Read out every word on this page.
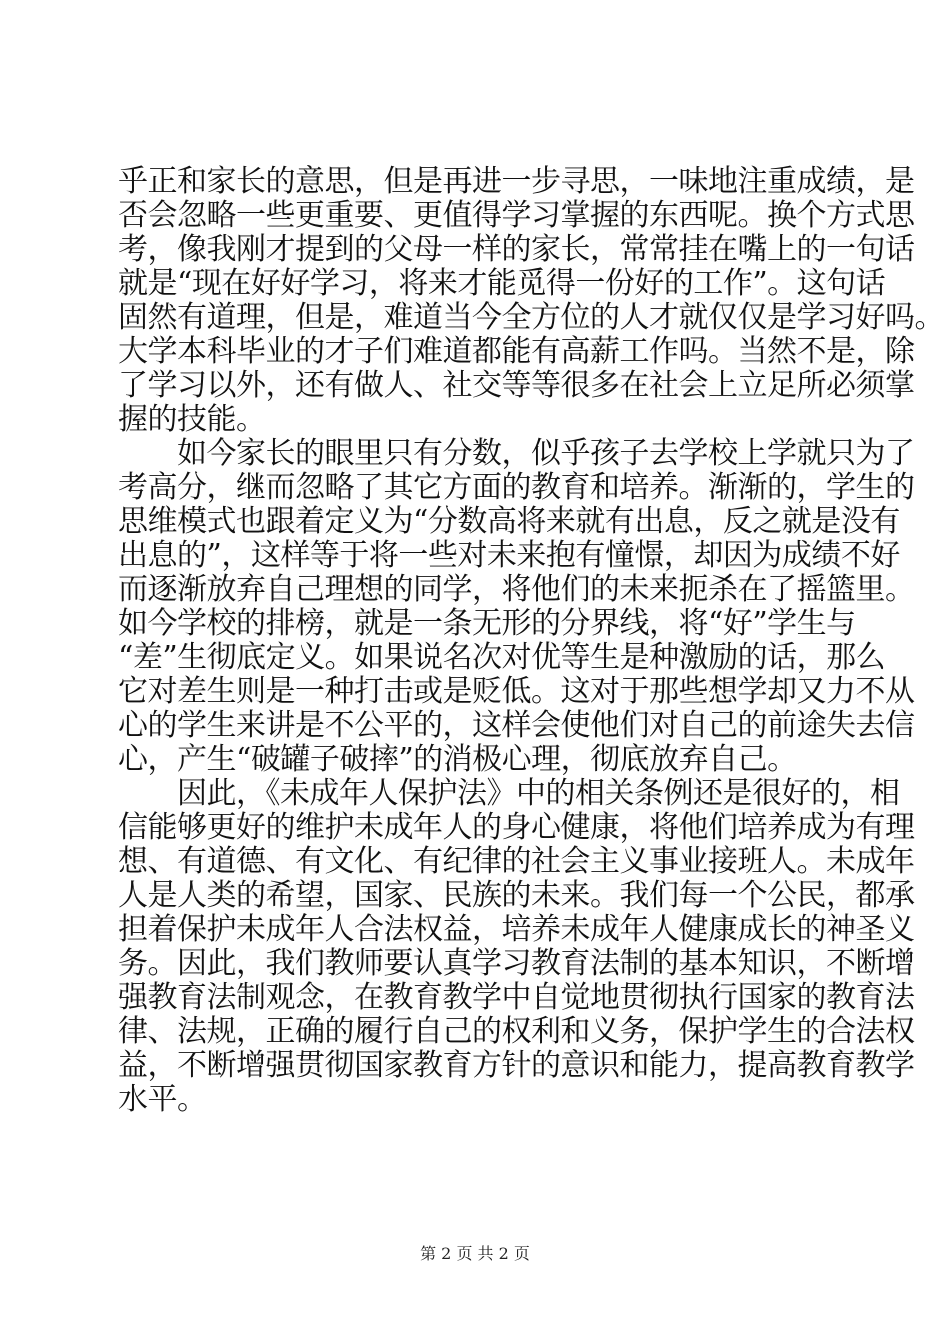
乎正和家长的意思，但是再进一步寻思，一味地注重成绩，是
否会忽略一些更重要、更值得学习掌握的东西呢。换个方式思
考，像我刚才提到的父母一样的家长，常常挂在嘴上的一句话
就是“现在好好学习，将来才能觅得一份好的工作”。这句话
固然有道理，但是，难道当今全方位的人才就仅仅是学习好吗。
大学本科毕业的才子们难道都能有高薪工作吗。当然不是，除
了学习以外，还有做人、社交等等很多在社会上立足所必须掌
握的技能。
　　如今家长的眼里只有分数，似乎孩子去学校上学就只为了
考高分，继而忽略了其它方面的教育和培养。渐渐的，学生的
思维模式也跟着定义为“分数高将来就有出息，反之就是没有
出息的”，这样等于将一些对未来抱有憧憬，却因为成绩不好
而逐渐放弃自己理想的同学，将他们的未来扼杀在了摇篮里。
如今学校的排榜，就是一条无形的分界线，将“好”学生与
“差”生彻底定义。如果说名次对优等生是种激励的话，那么
它对差生则是一种打击或是贬低。这对于那些想学却又力不从
心的学生来讲是不公平的，这样会使他们对自己的前途失去信
心，产生“破罐子破摔”的消极心理，彻底放弃自己。
　　因此，《未成年人保护法》中的相关条例还是很好的，相
信能够更好的维护未成年人的身心健康，将他们培养成为有理
想、有道德、有文化、有纪律的社会主义事业接班人。未成年
人是人类的希望，国家、民族的未来。我们每一个公民，都承
担着保护未成年人合法权益，培养未成年人健康成长的神圣义
务。因此，我们教师要认真学习教育法制的基本知识，不断增
强教育法制观念，在教育教学中自觉地贯彻执行国家的教育法
律、法规，正确的履行自己的权利和义务，保护学生的合法权
益，不断增强贯彻国家教育方针的意识和能力，提高教育教学
水平。
第 2 页 共 2 页
